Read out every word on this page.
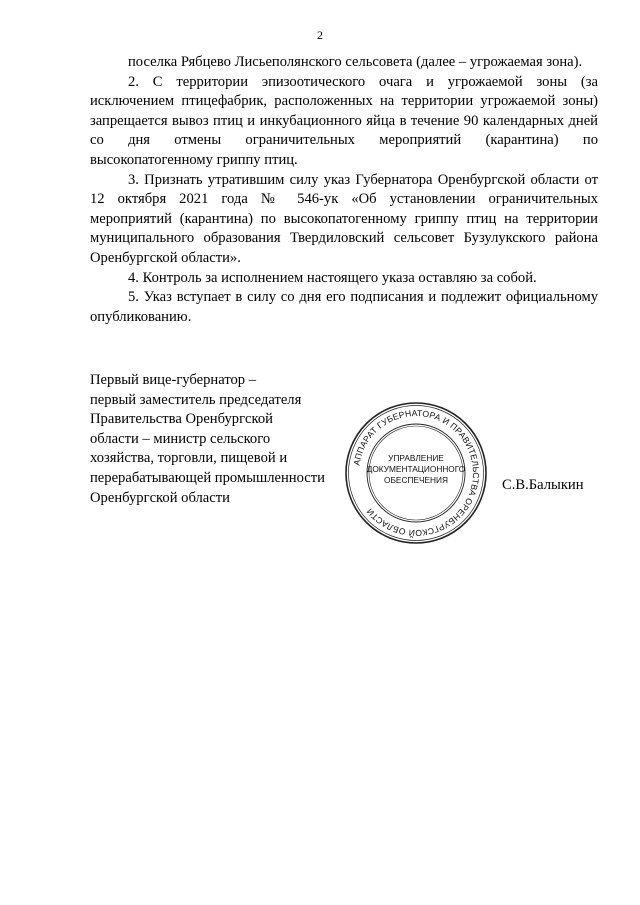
2

поселка Рябцево Лисьеполянского сельсовета (далее – угрожаемая зона).

2. С территории эпизоотического очага и угрожаемой зоны (за исключением птицефабрик, расположенных на территории угрожаемой зоны) запрещается вывоз птиц и инкубационного яйца в течение 90 календарных дней со дня отмены ограничительных мероприятий (карантина) по высокопатогенному гриппу птиц.

3. Признать утратившим силу указ Губернатора Оренбургской области от 12 октября 2021 года № 546-ук «Об установлении ограничительных мероприятий (карантина) по высокопатогенному гриппу птиц на территории муниципального образования Твердиловский сельсовет Бузулукского района Оренбургской области».

4. Контроль за исполнением настоящего указа оставляю за собой.

5. Указ вступает в силу со дня его подписания и подлежит официальному опубликованию.

Первый вице-губернатор –
первый заместитель председателя
Правительства Оренбургской
области – министр сельского
хозяйства, торговли, пищевой и
перерабатывающей промышленности
Оренбургской области
АППАРАТ ГУБЕРНАТОРА И ПРАВИТЕЛЬСТВА ОРЕНБУРГСКОЙ ОБЛАСТИ
УПРАВЛЕНИЕ
ДОКУМЕНТАЦИОННОГО
ОБЕСПЕЧЕНИЯ	С.В.Балыкин
